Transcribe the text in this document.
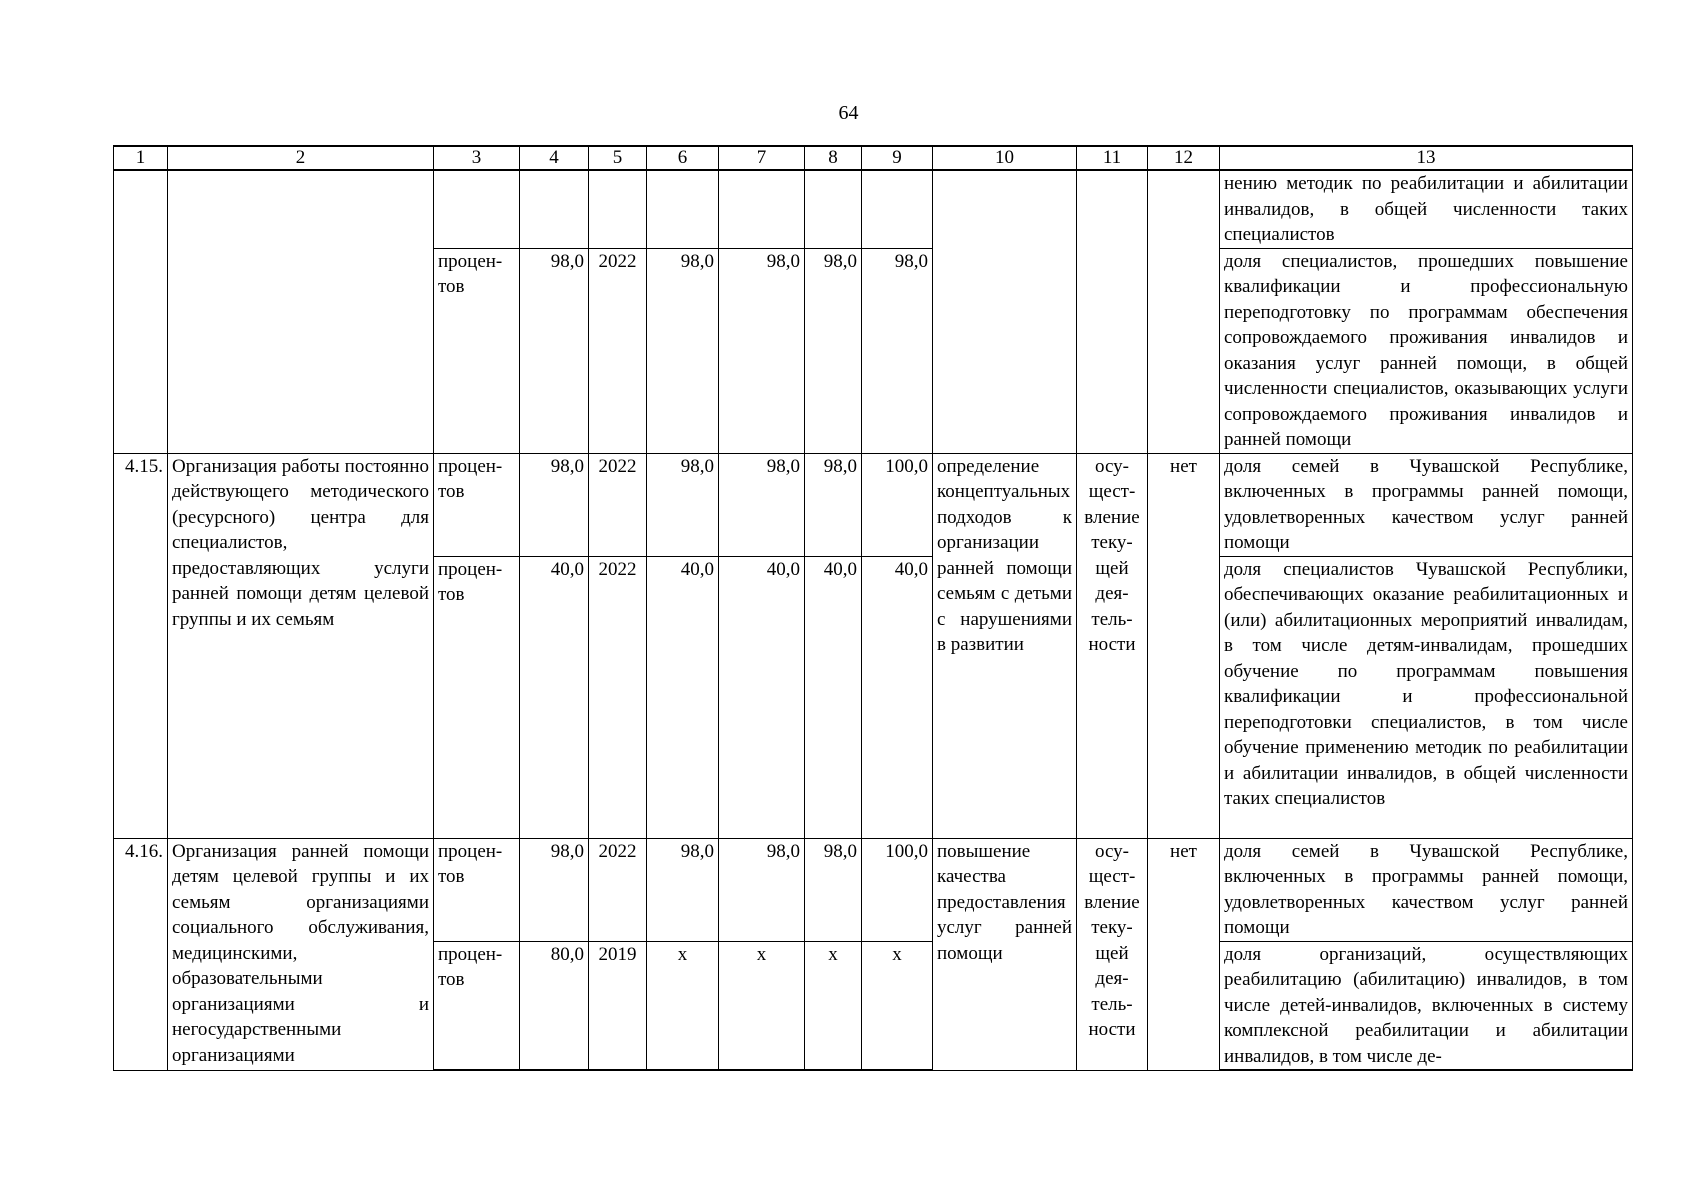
64
1	2	3	4	5	6	7	8	9	10	11	12	13
												нению методик по реабилитации и абилитации инвалидов, в общей численности таких специалистов
		процен-тов	98,0	2022	98,0	98,0	98,0	98,0				доля специалистов, прошедших повышение квалификации и профессиональную переподготовку по программам обеспечения сопровождаемого проживания инвалидов и оказания услуг ранней помощи, в общей численности специалистов, оказывающих услуги сопровождаемого проживания инвалидов и ранней помощи
4.15.	Организация работы постоянно действующего методического (ресурсного) центра для специалистов, предоставляющих услуги ранней помощи детям целевой группы и их семьям	процен-тов	98,0	2022	98,0	98,0	98,0	100,0	определение концептуальных подходов к организации ранней помощи семьям с детьми с нарушениями в развитии	осу-щест-вление теку-щей дея-тель-ности	нет	доля семей в Чувашской Республике, включенных в программы ранней помощи, удовлетворенных качеством услуг ранней помощи
		процен-тов	40,0	2022	40,0	40,0	40,0	40,0				доля специалистов Чувашской Республики, обеспечивающих оказание реабилитационных и (или) абилитационных мероприятий инвалидам, в том числе детям-инвалидам, прошедших обучение по программам повышения квалификации и профессиональной переподготовки специалистов, в том числе обучение применению методик по реабилитации и абилитации инвалидов, в общей численности таких специалистов
4.16.	Организация ранней помощи детям целевой группы и их семьям организациями социального обслуживания, медицинскими, образовательными организациями и негосударственными организациями	процен-тов	98,0	2022	98,0	98,0	98,0	100,0	повышение качества предоставления услуг ранней помощи	осу-щест-вление теку-щей дея-тель-ности	нет	доля семей в Чувашской Республике, включенных в программы ранней помощи, удовлетворенных качеством услуг ранней помощи
		процен-тов	80,0	2019	x	x	x	x				доля организаций, осуществляющих реабилитацию (абилитацию) инвалидов, в том числе детей-инвалидов, включенных в систему комплексной реабилитации и абилитации инвалидов, в том числе де-
